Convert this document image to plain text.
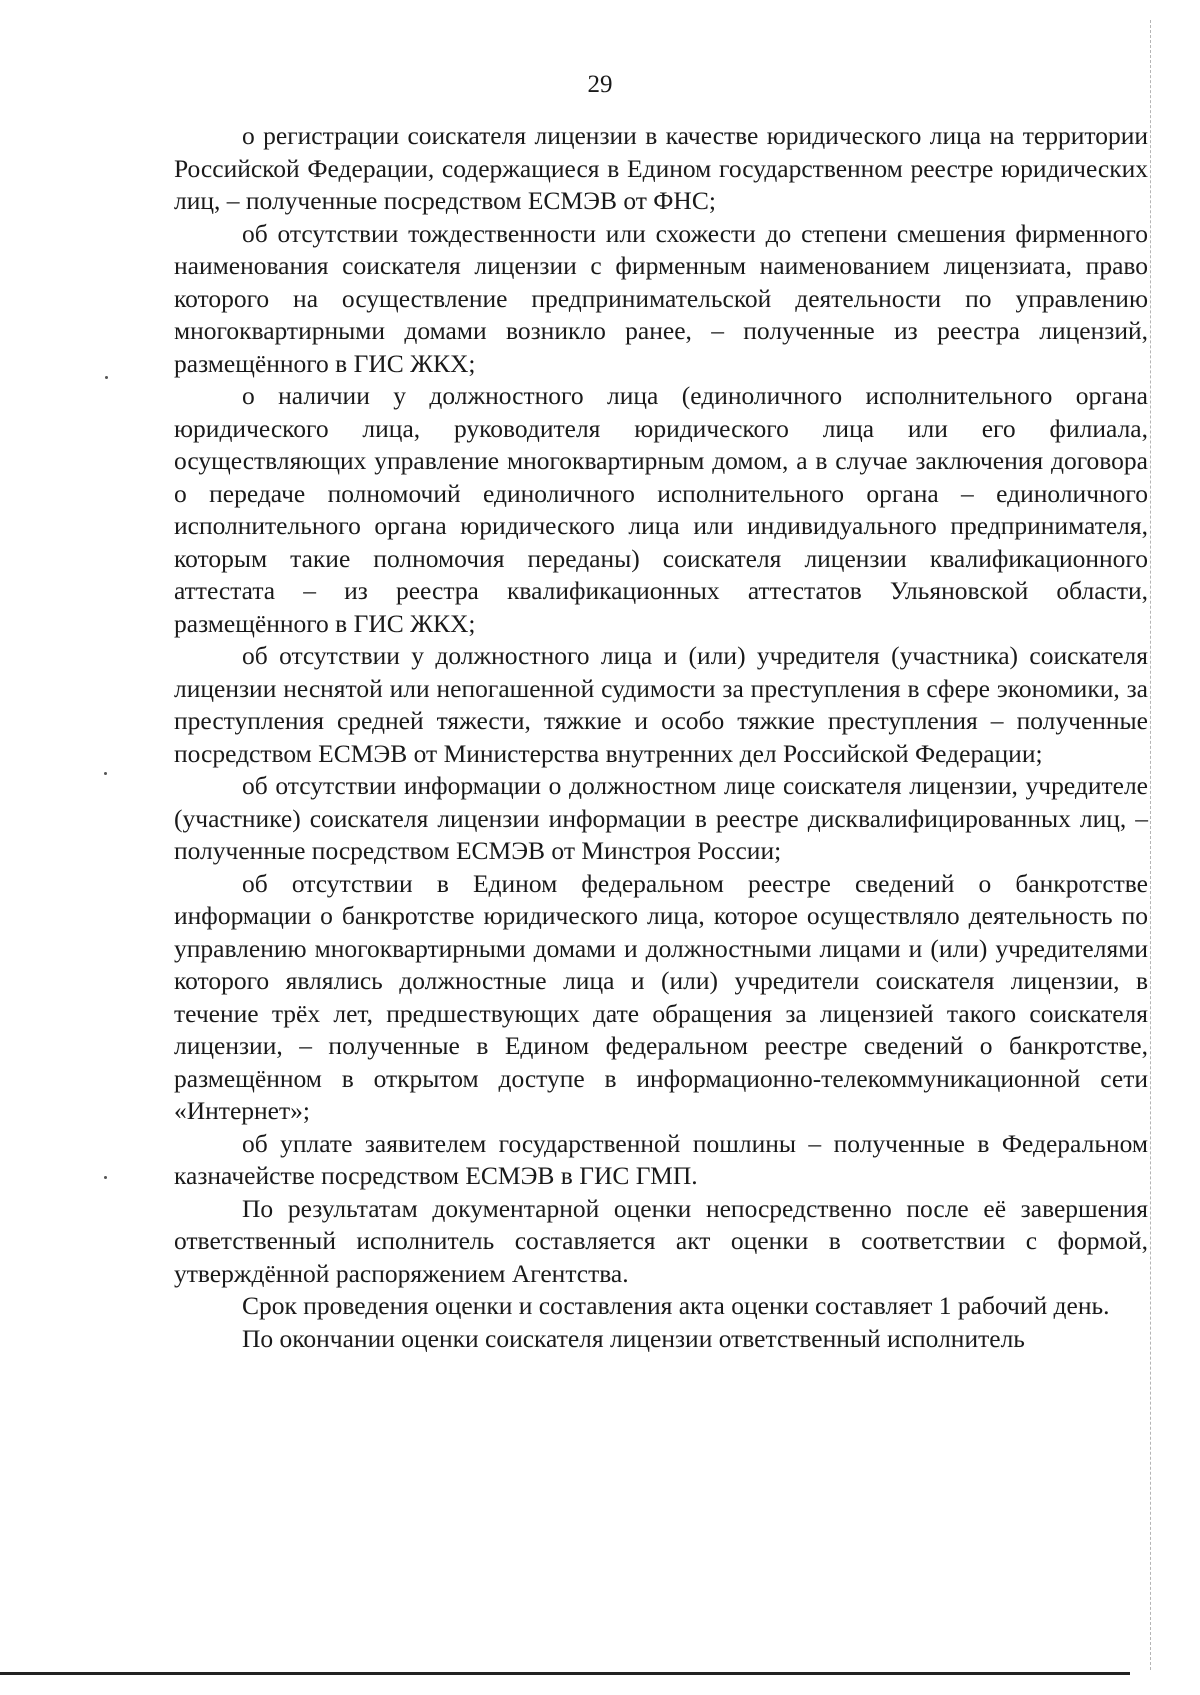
29

о регистрации соискателя лицензии в качестве юридического лица на территории Российской Федерации, содержащиеся в Едином государственном реестре юридических лиц, – полученные посредством ЕСМЭВ от ФНС;

об отсутствии тождественности или схожести до степени смешения фирменного наименования соискателя лицензии с фирменным наименованием лицензиата, право которого на осуществление предпринимательской деятельности по управлению многоквартирными домами возникло ранее, – полученные из реестра лицензий, размещённого в ГИС ЖКХ;

о наличии у должностного лица (единоличного исполнительного органа юридического лица, руководителя юридического лица или его филиала, осуществляющих управление многоквартирным домом, а в случае заключения договора о передаче полномочий единоличного исполнительного органа – единоличного исполнительного органа юридического лица или индивидуального предпринимателя, которым такие полномочия переданы) соискателя лицензии квалификационного аттестата – из реестра квалификационных аттестатов Ульяновской области, размещённого в ГИС ЖКХ;

об отсутствии у должностного лица и (или) учредителя (участника) соискателя лицензии неснятой или непогашенной судимости за преступления в сфере экономики, за преступления средней тяжести, тяжкие и особо тяжкие преступления – полученные посредством ЕСМЭВ от Министерства внутренних дел Российской Федерации;

об отсутствии информации о должностном лице соискателя лицензии, учредителе (участнике) соискателя лицензии информации в реестре дисквалифицированных лиц, – полученные посредством ЕСМЭВ от Минстроя России;

об отсутствии в Едином федеральном реестре сведений о банкротстве информации о банкротстве юридического лица, которое осуществляло деятельность по управлению многоквартирными домами и должностными лицами и (или) учредителями которого являлись должностные лица и (или) учредители соискателя лицензии, в течение трёх лет, предшествующих дате обращения за лицензией такого соискателя лицензии, – полученные в Едином федеральном реестре сведений о банкротстве, размещённом в открытом доступе в информационно-телекоммуникационной сети «Интернет»;

об уплате заявителем государственной пошлины – полученные в Федеральном казначействе посредством ЕСМЭВ в ГИС ГМП.

По результатам документарной оценки непосредственно после её завершения ответственный исполнитель составляется акт оценки в соответствии с формой, утверждённой распоряжением Агентства.

Срок проведения оценки и составления акта оценки составляет 1 рабочий день.

По окончании оценки соискателя лицензии ответственный исполнитель
